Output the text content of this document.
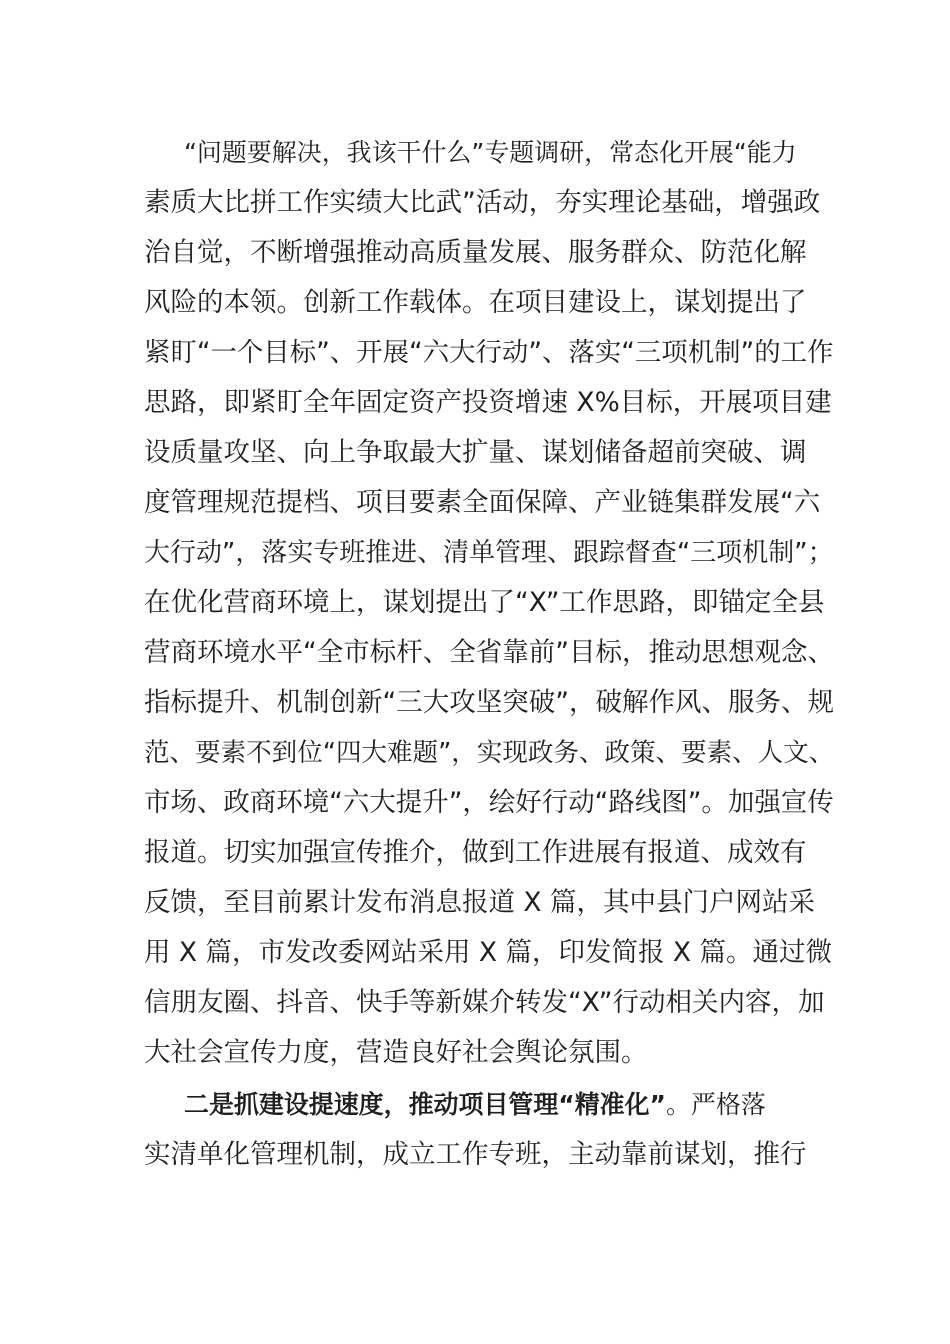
“问题要解决，我该干什么”专题调研，常态化开展“能力
素质大比拼工作实绩大比武”活动，夯实理论基础，增强政
治自觉，不断增强推动高质量发展、服务群众、防范化解
风险的本领。创新工作载体。在项目建设上，谋划提出了
紧盯“一个目标”、开展“六大行动”、落实“三项机制”的工作
思路，即紧盯全年固定资产投资增速 X%目标，开展项目建
设质量攻坚、向上争取最大扩量、谋划储备超前突破、调
度管理规范提档、项目要素全面保障、产业链集群发展“六
大行动”，落实专班推进、清单管理、跟踪督查“三项机制”；
在优化营商环境上，谋划提出了“X”工作思路，即锚定全县
营商环境水平“全市标杆、全省靠前”目标，推动思想观念、
指标提升、机制创新“三大攻坚突破”，破解作风、服务、规
范、要素不到位“四大难题”，实现政务、政策、要素、人文、
市场、政商环境“六大提升”，绘好行动“路线图”。加强宣传
报道。切实加强宣传推介，做到工作进展有报道、成效有
反馈，至目前累计发布消息报道 X 篇，其中县门户网站采
用 X 篇，市发改委网站采用 X 篇，印发简报 X 篇。通过微
信朋友圈、抖音、快手等新媒介转发“X”行动相关内容，加
大社会宣传力度，营造良好社会舆论氛围。
二是抓建设提速度，推动项目管理“精准化”。严格落
实清单化管理机制，成立工作专班，主动靠前谋划，推行
